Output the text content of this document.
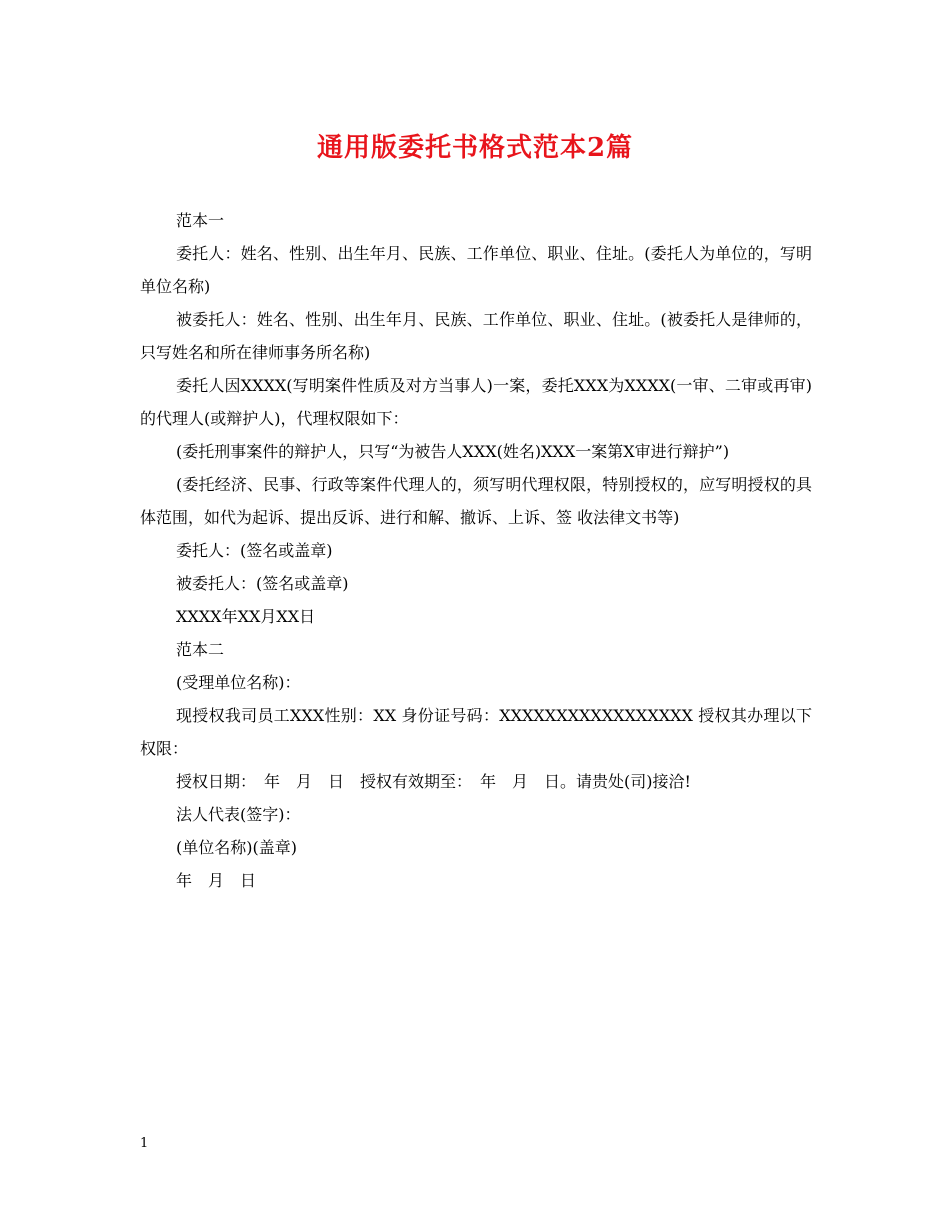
通用版委托书格式范本2篇

范本一

委托人：姓名、性别、出生年月、民族、工作单位、职业、住址。(委托人为单位的，写明单位名称)

被委托人：姓名、性别、出生年月、民族、工作单位、职业、住址。(被委托人是律师的，只写姓名和所在律师事务所名称)

委托人因XXXX(写明案件性质及对方当事人)一案，委托XXX为XXXX(一审、二审或再审)的代理人(或辩护人)，代理权限如下：

(委托刑事案件的辩护人，只写“为被告人XXX(姓名)XXX一案第X审进行辩护”)

(委托经济、民事、行政等案件代理人的，须写明代理权限，特别授权的，应写明授权的具体范围，如代为起诉、提出反诉、进行和解、撤诉、上诉、签 收法律文书等)

委托人：(签名或盖章)

被委托人：(签名或盖章)

XXXX年XX月XX日

范本二

(受理单位名称)：

现授权我司员工XXX性别：XX 身份证号码：XXXXXXXXXXXXXXXXX 授权其办理以下权限：

授权日期：　年　月　日　授权有效期至：　年　月　日。请贵处(司)接洽!

法人代表(签字)：

(单位名称)(盖章)

年　月　日

1
